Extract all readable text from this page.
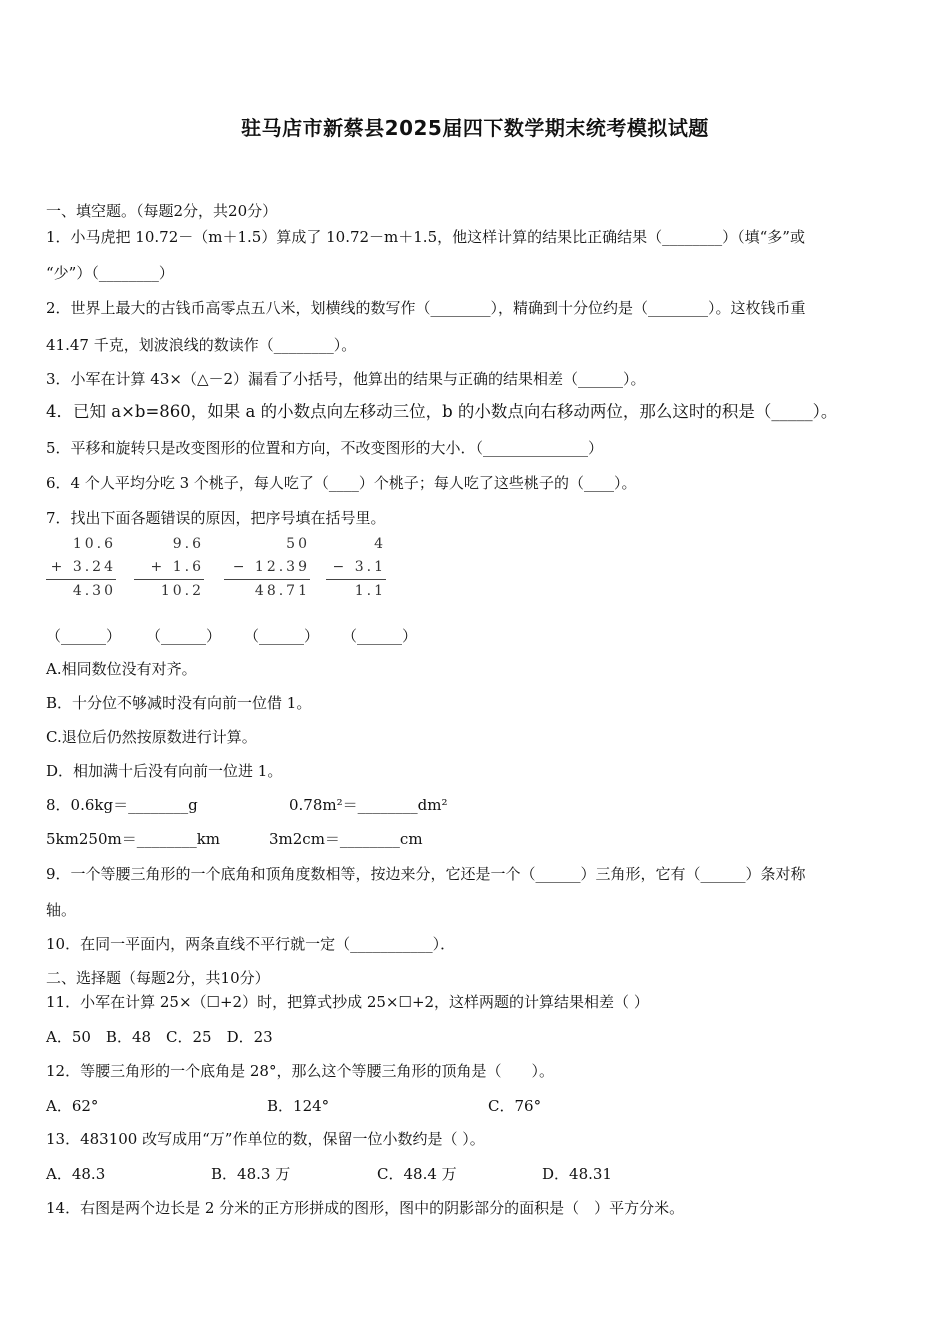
驻马店市新蔡县2025届四下数学期末统考模拟试题
一、填空题。（每题2分，共20分）
1．小马虎把 10.72－（m＋1.5）算成了 10.72－m＋1.5，他这样计算的结果比正确结果（________）（填“多”或
“少”）（________）
2．世界上最大的古钱币高零点五八米，划横线的数写作（________），精确到十分位约是（________）。这枚钱币重
41.47 千克，划波浪线的数读作（________）。
3．小军在计算 43×（△－2）漏看了小括号，他算出的结果与正确的结果相差（______）。
4．已知 a×b=860，如果 a 的小数点向左移动三位，b 的小数点向右移动两位，那么这时的积是（_____）。
5．平移和旋转只是改变图形的位置和方向，不改变图形的大小．（______________）
6．4 个人平均分吃 3 个桃子，每人吃了（____）个桃子；每人吃了这些桃子的（____）。
7．找出下面各题错误的原因，把序号填在括号里。
10.6
+ 3.24
4.30
9.6
+ 1.6
10.2
50
− 12.39
48.71
4
− 3.1
1.1
（______） （______） （______） （______）
A.相同数位没有对齐。
B．十分位不够减时没有向前一位借 1。
C.退位后仍然按原数进行计算。
D．相加满十后没有向前一位进 1。
8．0.6kg＝________g	0.78m²＝________dm²
5km250m＝________km	3m2cm＝________cm
9．一个等腰三角形的一个底角和顶角度数相等，按边来分，它还是一个（______）三角形，它有（______）条对称
轴。
10．在同一平面内，两条直线不平行就一定（___________）．
二、选择题（每题2分，共10分）
11．小军在计算 25×（☐+2）时，把算式抄成 25×☐+2，这样两题的计算结果相差（ ）
A．50　B．48　C．25　D．23
12．等腰三角形的一个底角是 28°，那么这个等腰三角形的顶角是（　　）。
A．62°	B．124°	C．76°
13．483100 改写成用“万”作单位的数，保留一位小数约是（ ）。
A．48.3	B．48.3 万	C．48.4 万	D．48.31
14．右图是两个边长是 2 分米的正方形拼成的图形，图中的阴影部分的面积是（　）平方分米。
